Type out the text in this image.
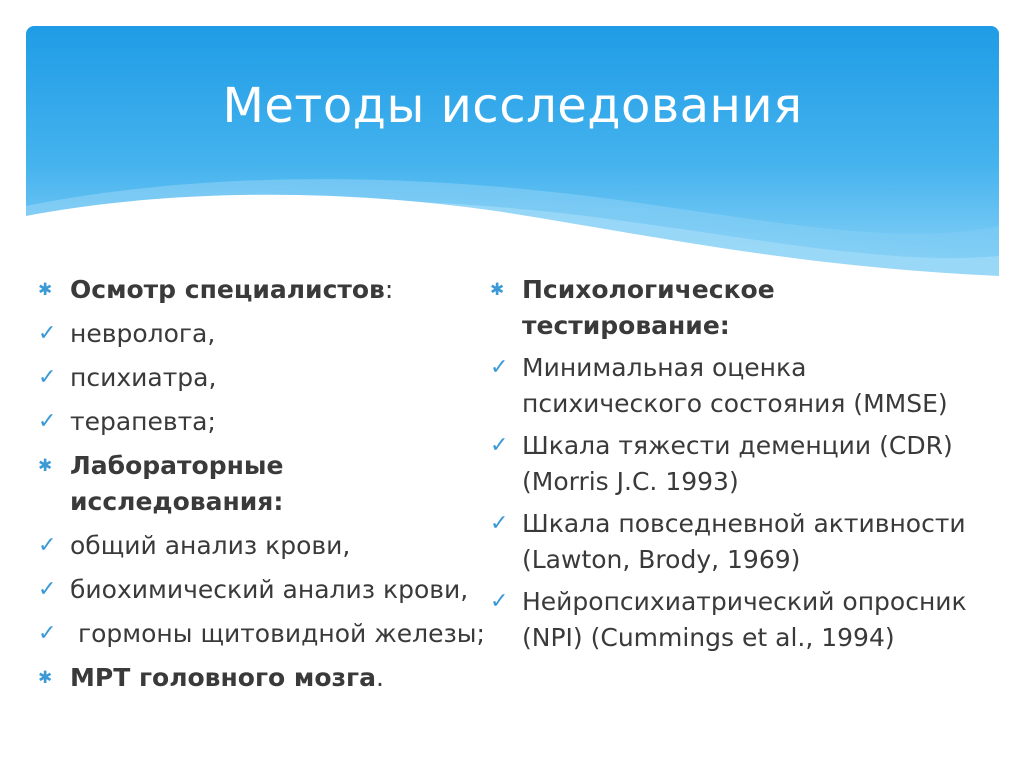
Методы исследования
✱ Осмотр специалистов:
✓ невролога,
✓ психиатра,
✓ терапевта;
✱ Лабораторные исследования:
✓ общий анализ крови,
✓ биохимический анализ крови,
✓ гормоны щитовидной железы;
✱ МРТ головного мозга.
✱ Психологическое тестирование:
✓ Минимальная оценка психического состояния (MMSE)
✓ Шкала тяжести деменции (CDR) (Morris J.C. 1993)
✓ Шкала повседневной активности (Lawton, Brody, 1969)
✓ Нейропсихиатрический опросник (NPI) (Cummings et al., 1994)
